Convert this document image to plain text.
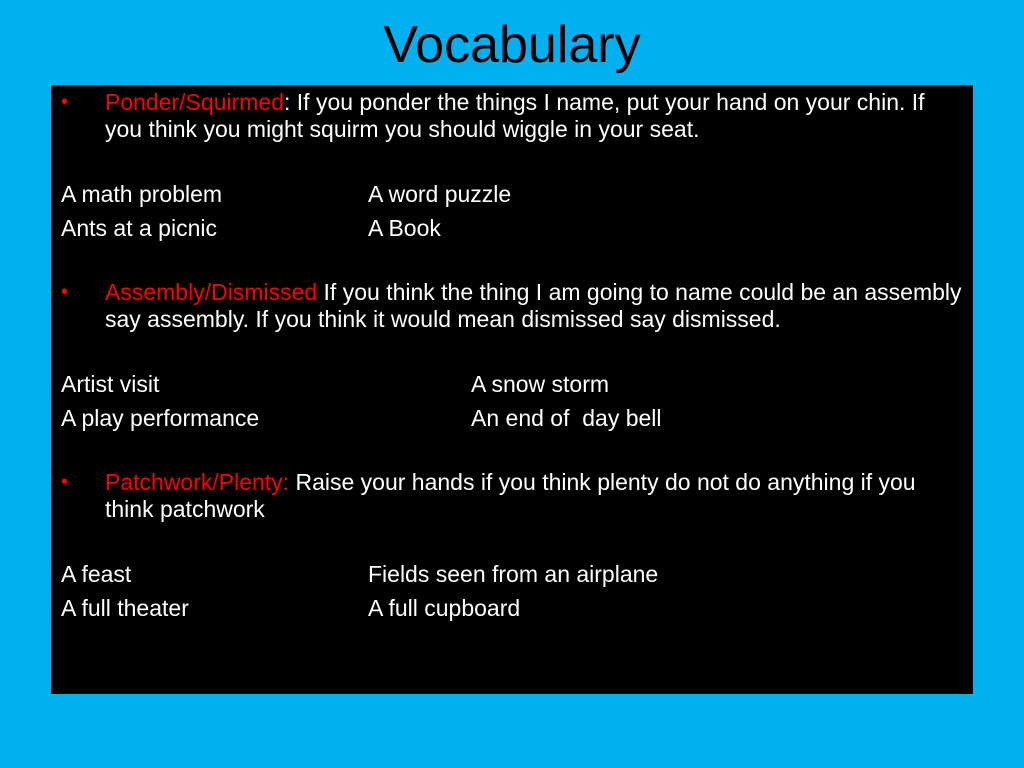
Vocabulary

• Ponder/Squirmed: If you ponder the things I name, put your hand on your chin. If you think you might squirm you should wiggle in your seat.

A math problem	A word puzzle
Ants at a picnic	A Book

• Assembly/Dismissed If you think the thing I am going to name could be an assembly say assembly. If you think it would mean dismissed say dismissed.

Artist visit	A snow storm
A play performance	An end of  day bell

• Patchwork/Plenty: Raise your hands if you think plenty do not do anything if you think patchwork

A feast	Fields seen from an airplane
A full theater	A full cupboard
